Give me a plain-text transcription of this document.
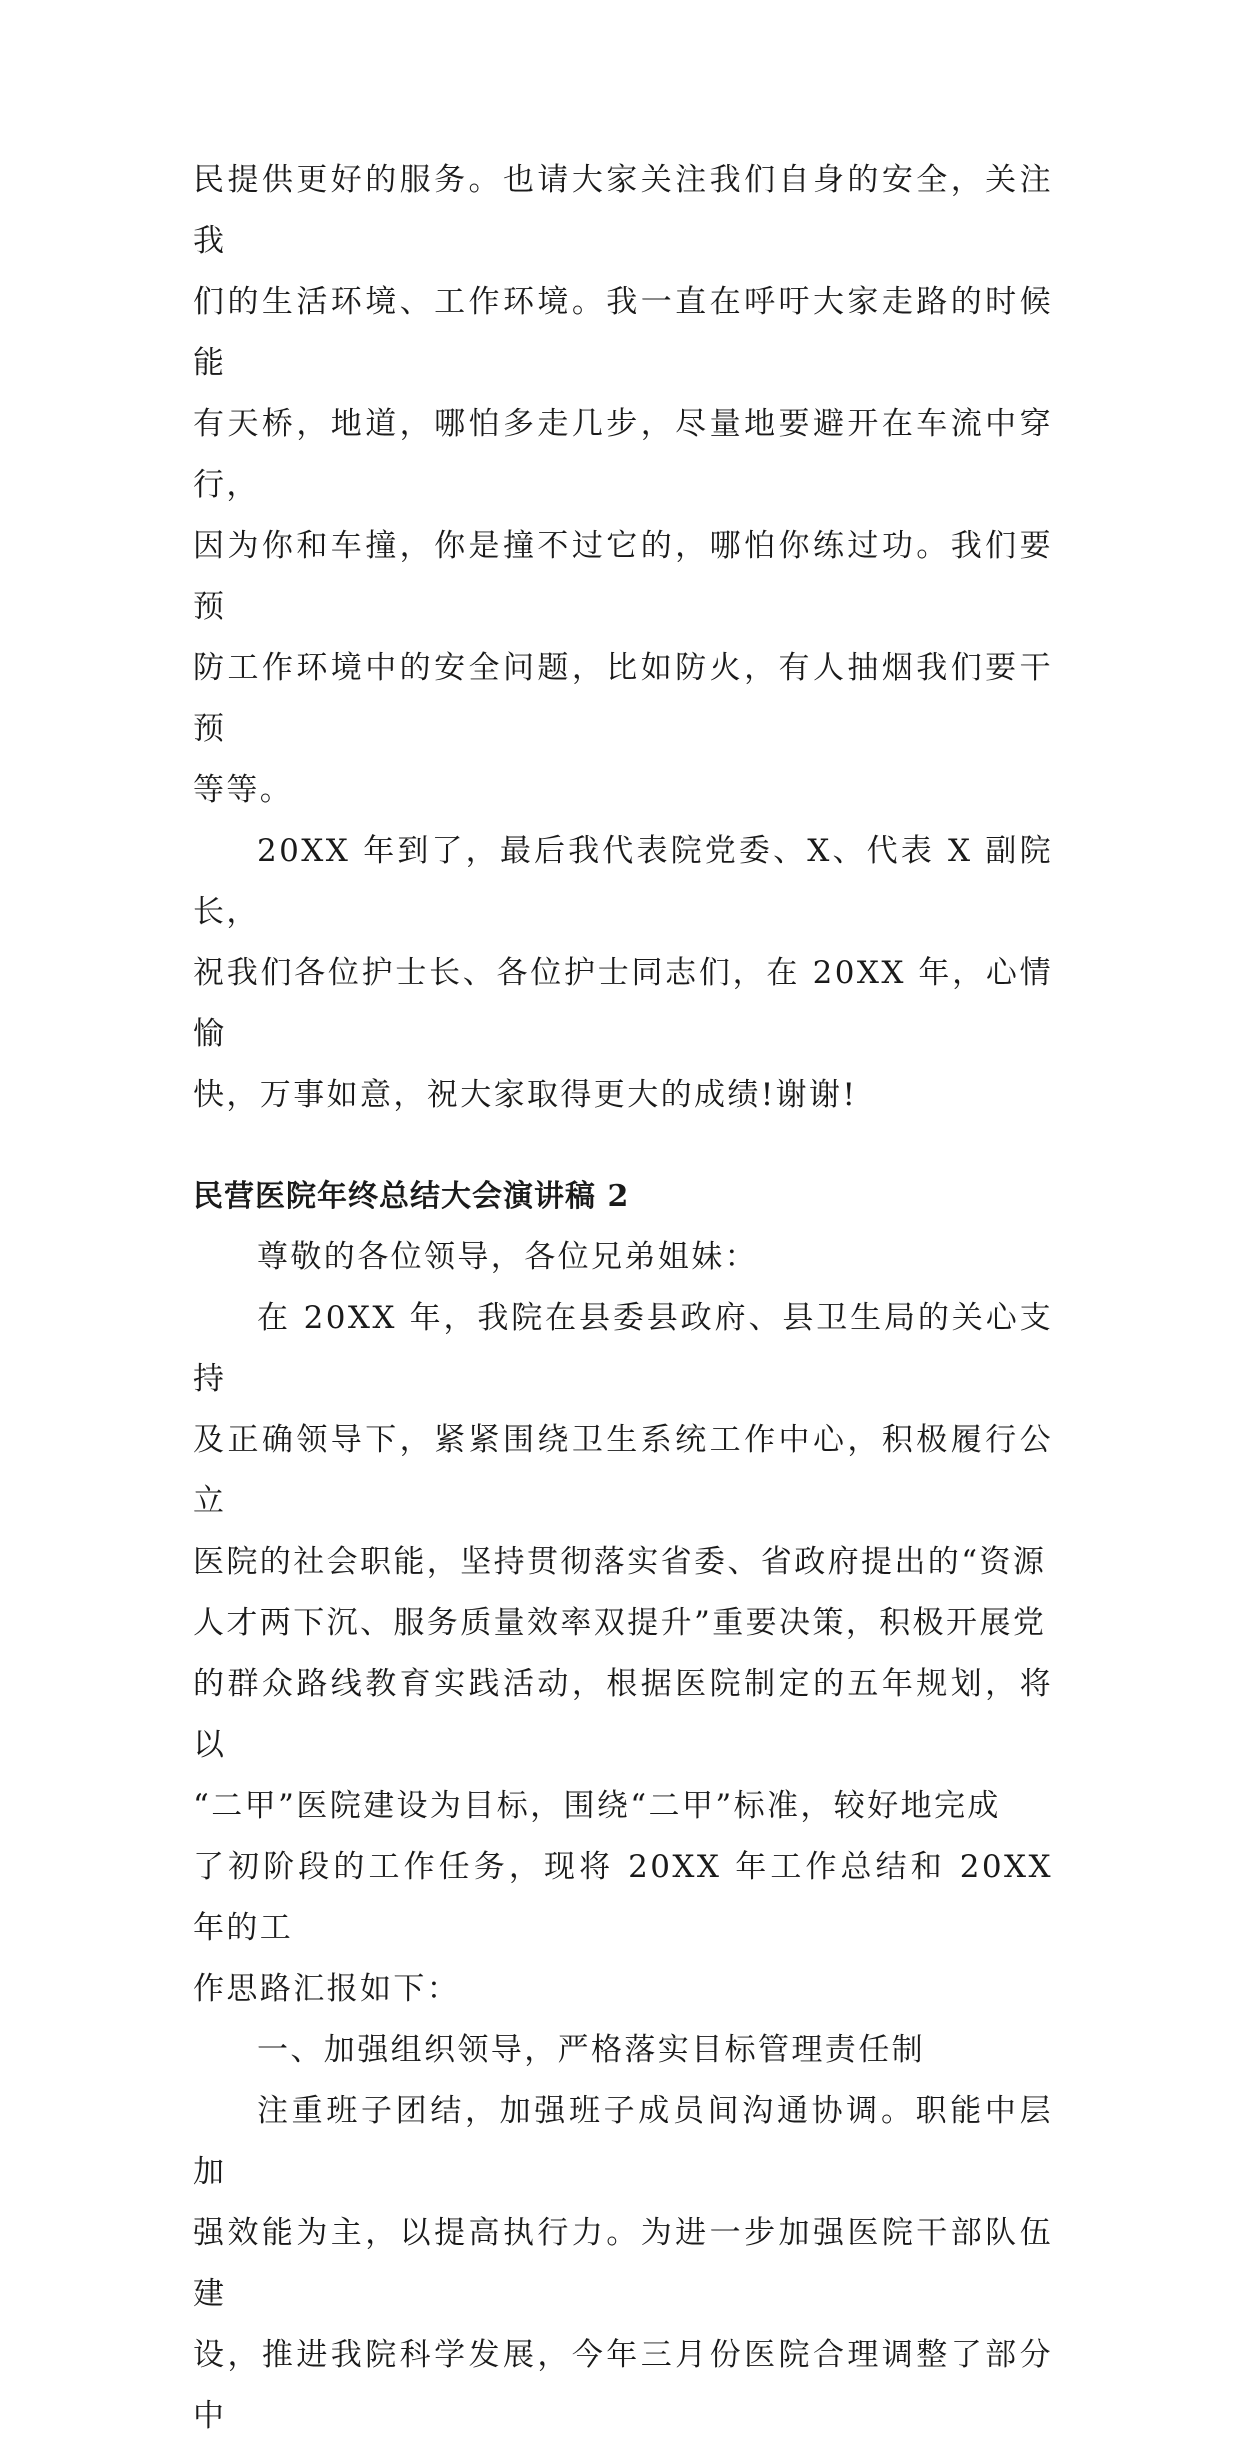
民提供更好的服务。也请大家关注我们自身的安全，关注我
们的生活环境、工作环境。我一直在呼吁大家走路的时候能
有天桥，地道，哪怕多走几步，尽量地要避开在车流中穿行，
因为你和车撞，你是撞不过它的，哪怕你练过功。我们要预
防工作环境中的安全问题，比如防火，有人抽烟我们要干预
等等。

20XX 年到了，最后我代表院党委、X、代表 X 副院长，
祝我们各位护士长、各位护士同志们，在 20XX 年，心情愉
快，万事如意，祝大家取得更大的成绩!谢谢!

民营医院年终总结大会演讲稿 2

尊敬的各位领导，各位兄弟姐妹：

在 20XX 年，我院在县委县政府、县卫生局的关心支持
及正确领导下，紧紧围绕卫生系统工作中心，积极履行公立
医院的社会职能，坚持贯彻落实省委、省政府提出的“资源
人才两下沉、服务质量效率双提升”重要决策，积极开展党
的群众路线教育实践活动，根据医院制定的五年规划，将以
“二甲”医院建设为目标，围绕“二甲”标准，较好地完成
了初阶段的工作任务，现将 20XX 年工作总结和 20XX 年的工
作思路汇报如下：

一、加强组织领导，严格落实目标管理责任制

注重班子团结，加强班子成员间沟通协调。职能中层加
强效能为主，以提高执行力。为进一步加强医院干部队伍建
设，推进我院科学发展，今年三月份医院合理调整了部分中
